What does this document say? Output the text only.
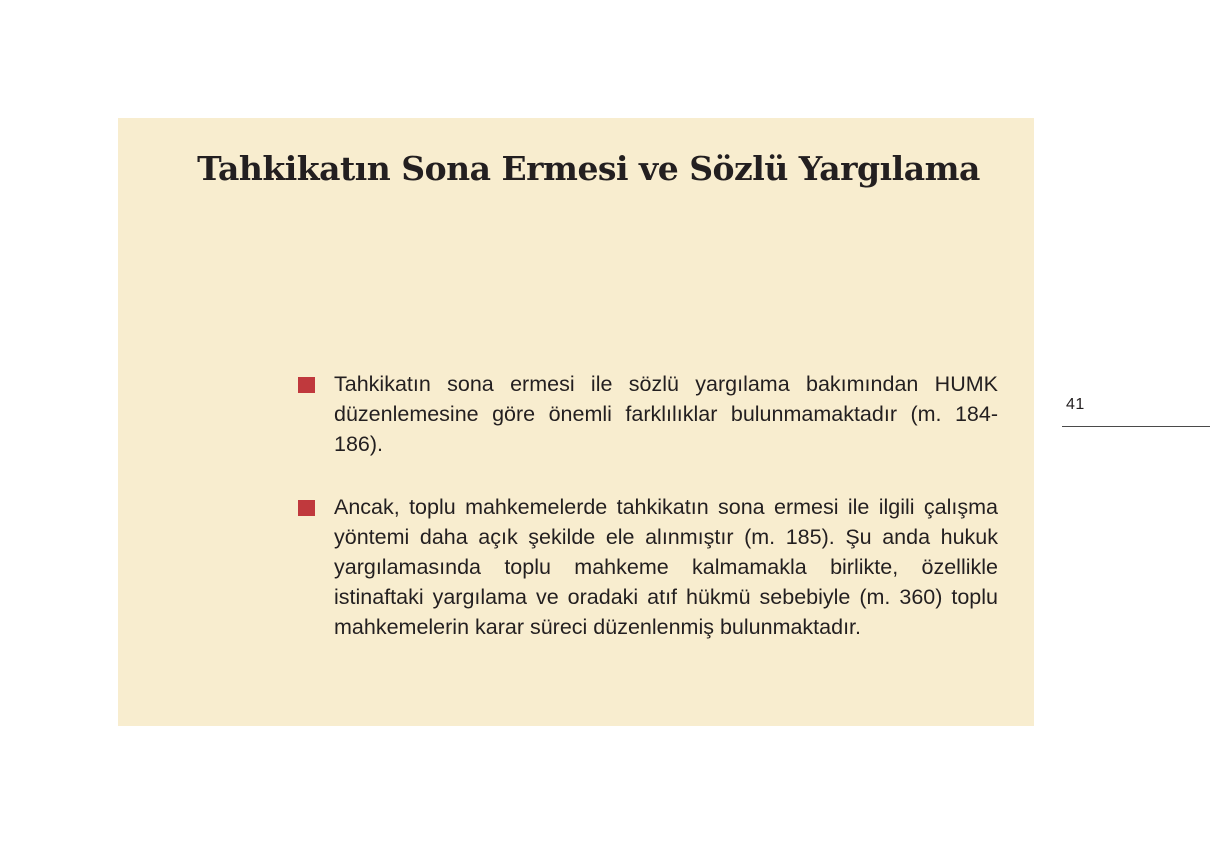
Tahkikatın Sona Ermesi ve Sözlü Yargılama
Tahkikatın sona ermesi ile sözlü yargılama bakımından HUMK düzenlemesine göre önemli farklılıklar bulunmamaktadır (m. 184-186).
Ancak, toplu mahkemelerde tahkikatın sona ermesi ile ilgili çalışma yöntemi daha açık şekilde ele alınmıştır (m. 185). Şu anda hukuk yargılamasında toplu mahkeme kalmamakla birlikte, özellikle istinaftaki yargılama ve oradaki atıf hükmü sebebiyle (m. 360) toplu mahkemelerin karar süreci düzenlenmiş bulunmaktadır.
41
